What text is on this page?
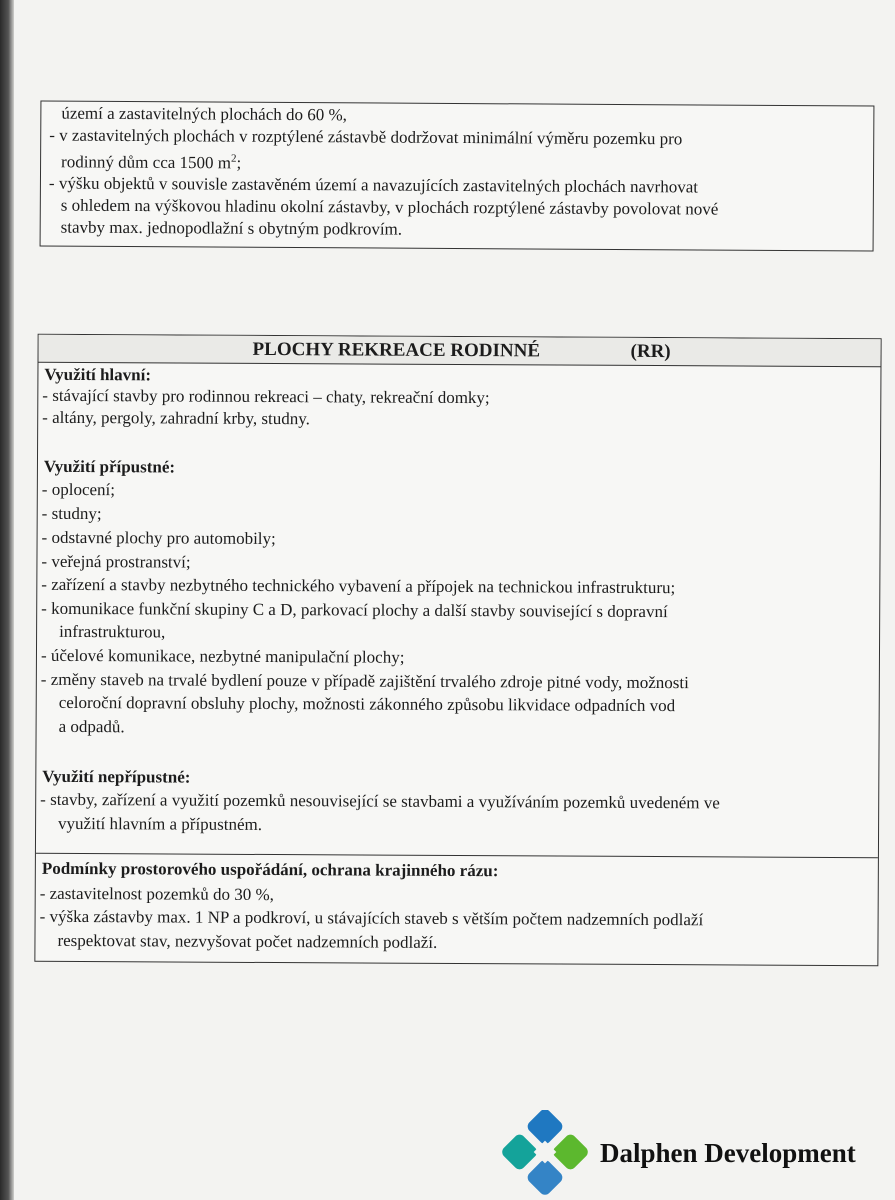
území a zastavitelných plochách do 60 %,
- v zastavitelných plochách v rozptýlené zástavbě dodržovat minimální výměru pozemku pro
rodinný dům cca 1500 $m^2$;
- výšku objektů v souvisle zastavěném území a navazujících zastavitelných plochách navrhovat
s ohledem na výškovou hladinu okolní zástavby, v plochách rozptýlené zástavby povolovat nové
stavby max. jednopodlažní s obytným podkrovím.
PLOCHY REKREACE RODINNÉ	(RR)
Využití hlavní:
- stávající stavby pro rodinnou rekreaci – chaty, rekreační domky;
- altány, pergoly, zahradní krby, studny.
Využití přípustné:
- oplocení;
- studny;
- odstavné plochy pro automobily;
- veřejná prostranství;
- zařízení a stavby nezbytného technického vybavení a přípojek na technickou infrastrukturu;
- komunikace funkční skupiny C a D, parkovací plochy a další stavby související s dopravní
infrastrukturou,
- účelové komunikace, nezbytné manipulační plochy;
- změny staveb na trvalé bydlení pouze v případě zajištění trvalého zdroje pitné vody, možnosti
celoroční dopravní obsluhy plochy, možnosti zákonného způsobu likvidace odpadních vod
a odpadů.
Využití nepřípustné:
- stavby, zařízení a využití pozemků nesouvisející se stavbami a využíváním pozemků uvedeném ve
využití hlavním a přípustném.
Podmínky prostorového uspořádání, ochrana krajinného rázu:
- zastavitelnost pozemků do 30 %,
- výška zástavby max. 1 NP a podkroví, u stávajících staveb s větším počtem nadzemních podlaží
respektovat stav, nezvyšovat počet nadzemních podlaží.
Dalphen Development
